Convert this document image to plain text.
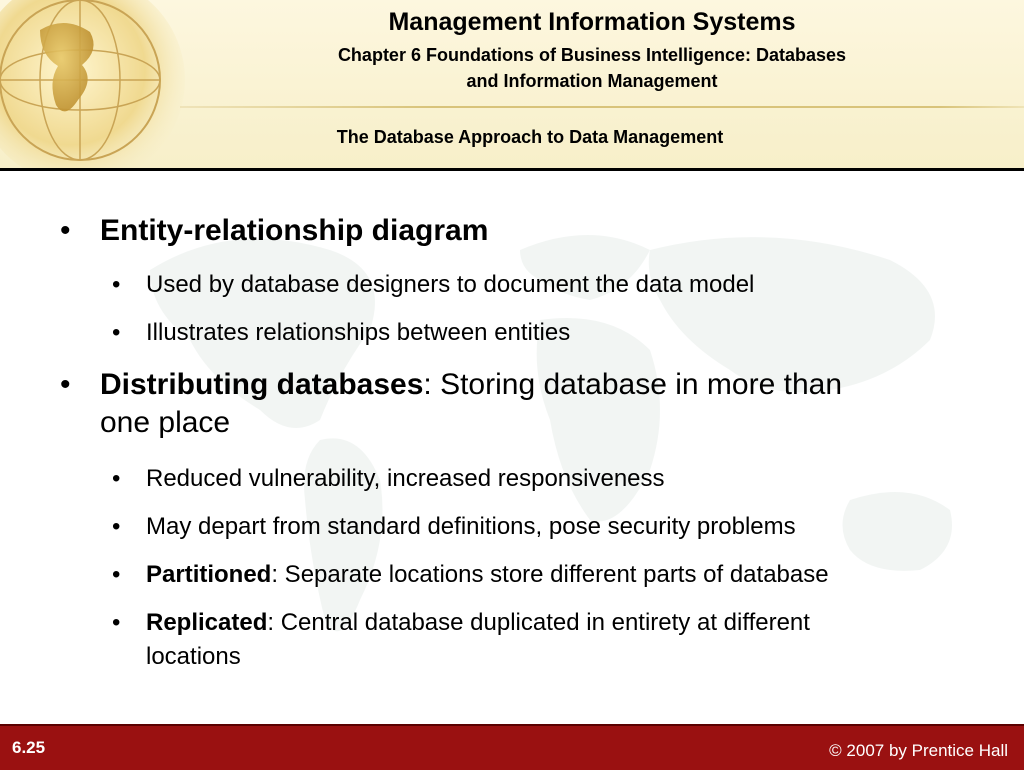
Management Information Systems
Chapter 6 Foundations of Business Intelligence: Databases
and Information Management
The Database Approach to Data Management
• Entity-relationship diagram
• Used by database designers to document the data model
• Illustrates relationships between entities
• Distributing databases: Storing database in more than
one place
• Reduced vulnerability, increased responsiveness
• May depart from standard definitions, pose security problems
• Partitioned: Separate locations store different parts of database
• Replicated: Central database duplicated in entirety at different
locations
6.25	© 2007 by Prentice Hall
